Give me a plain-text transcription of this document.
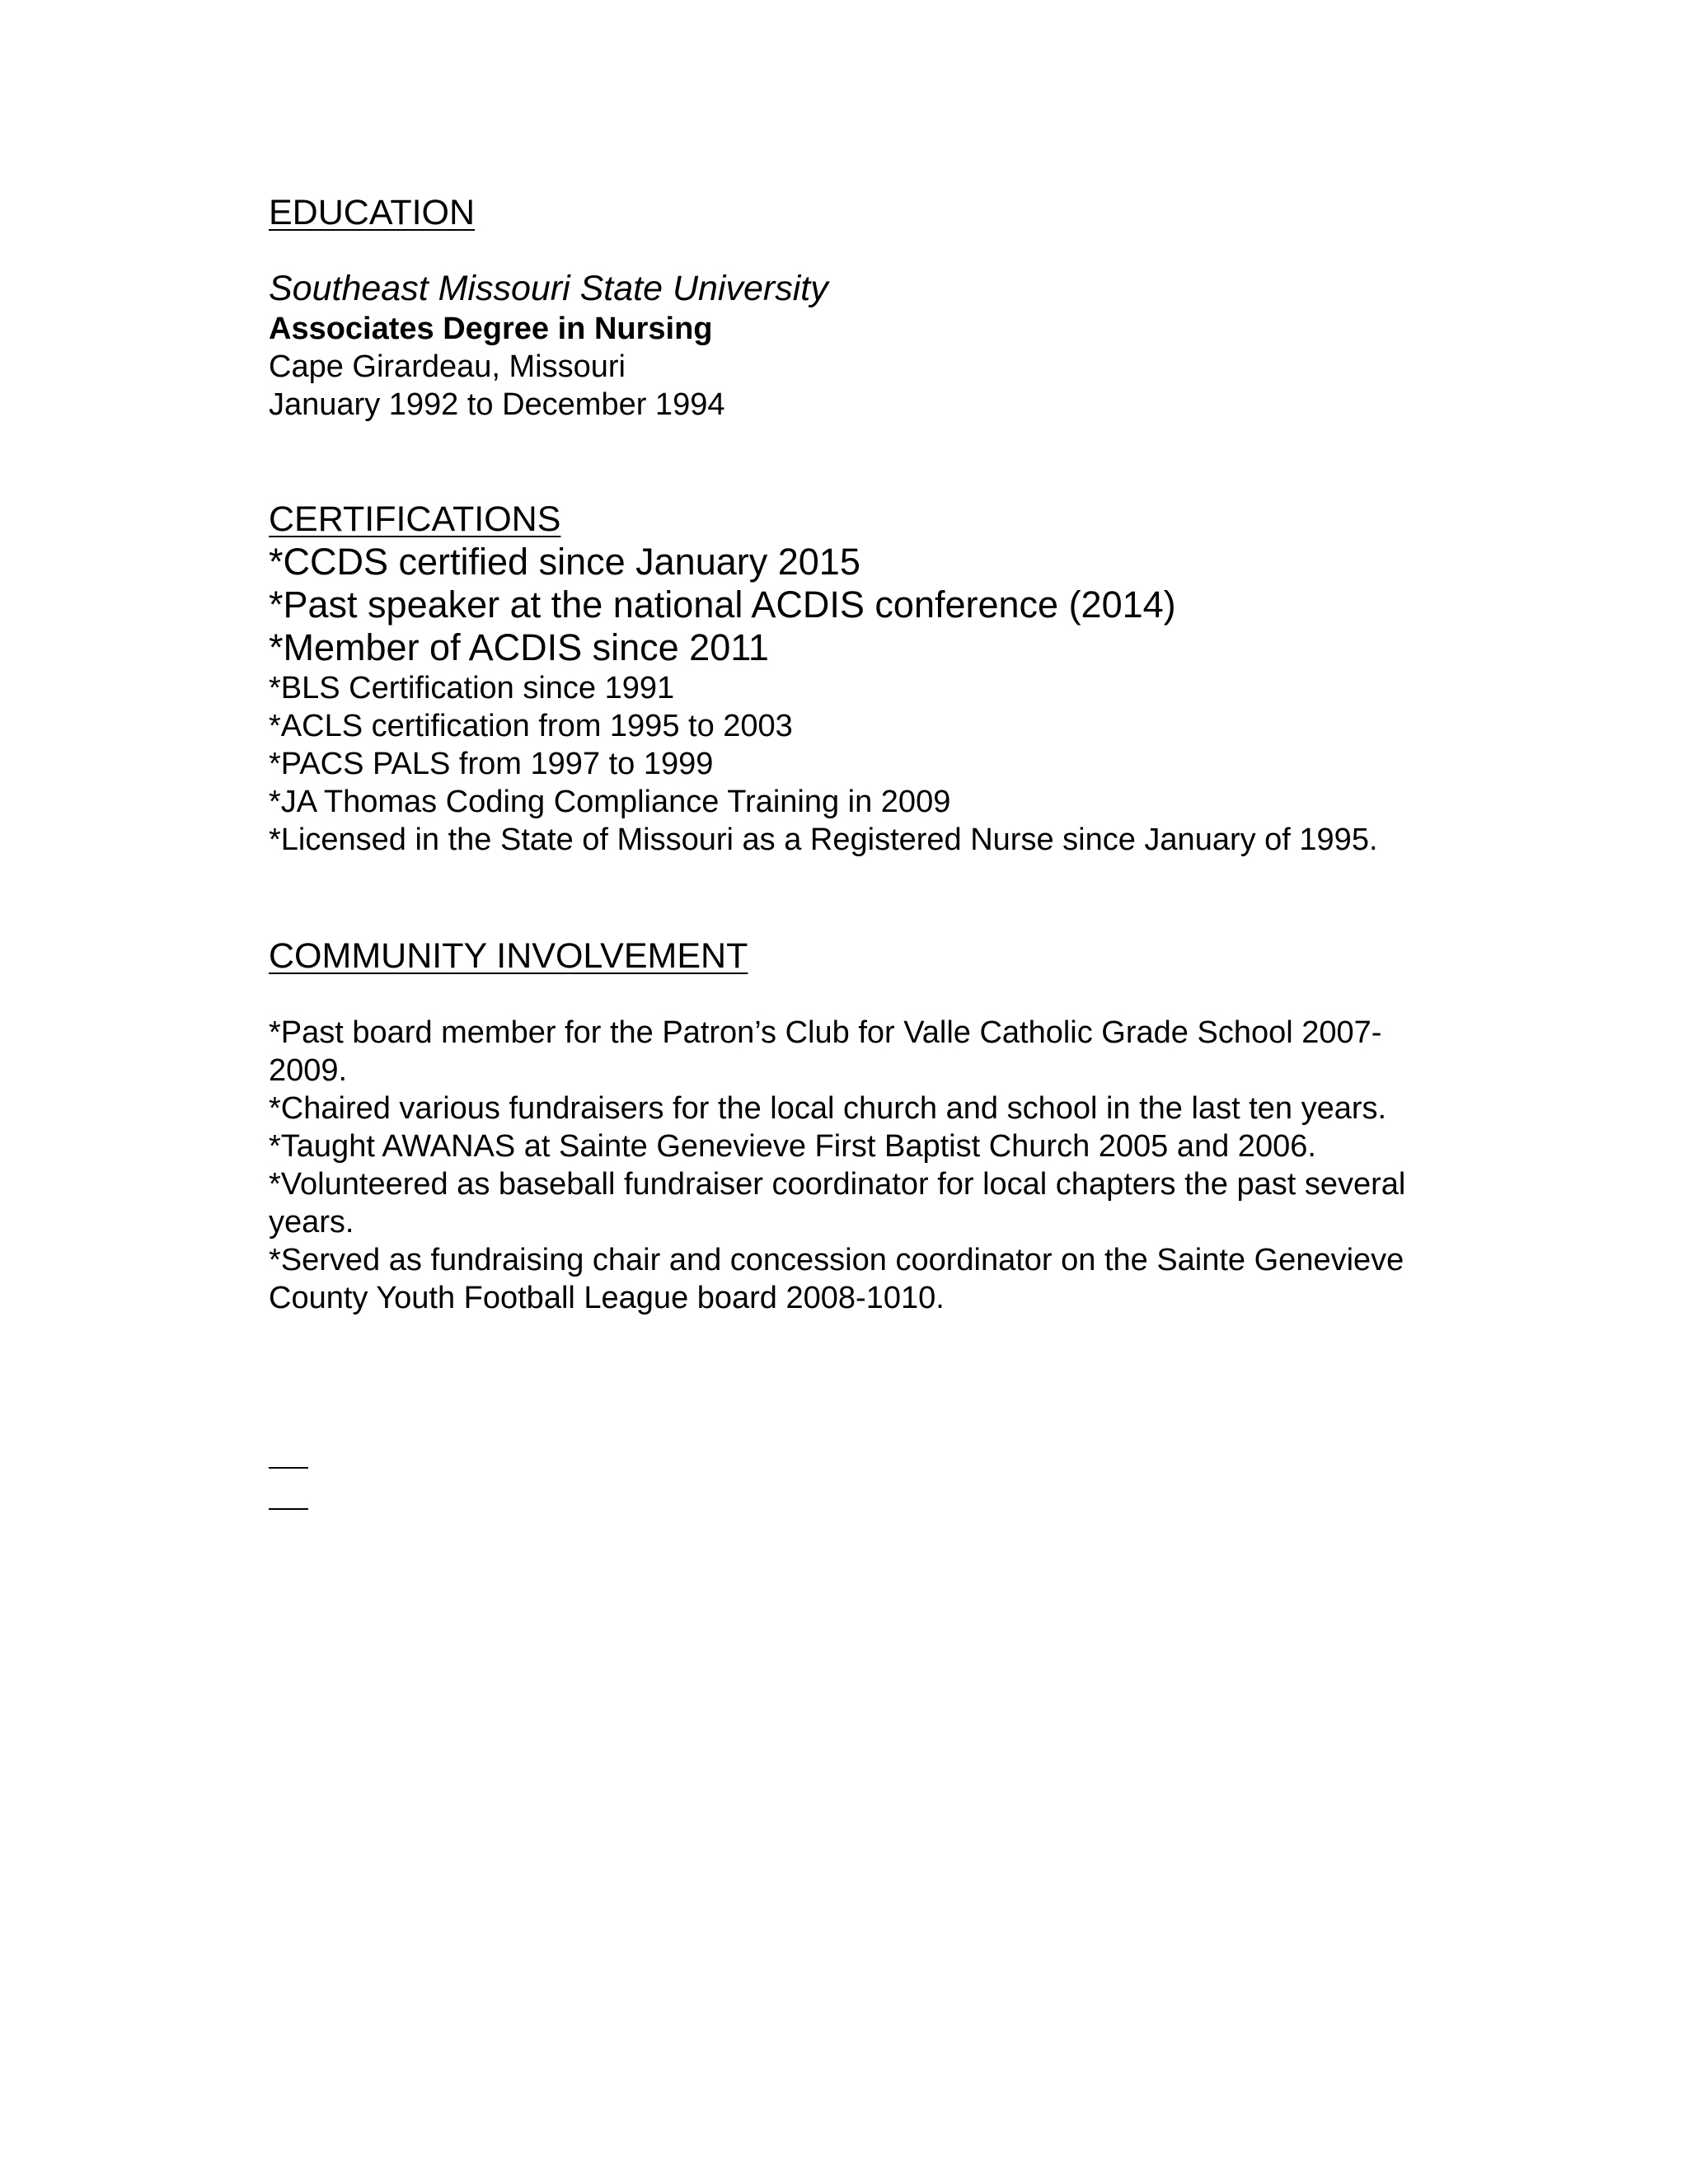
EDUCATION
Southeast Missouri State University
Associates Degree in Nursing
Cape Girardeau, Missouri
January 1992 to December 1994
CERTIFICATIONS
*CCDS certified since January 2015
*Past speaker at the national ACDIS conference (2014)
*Member of ACDIS since 2011
*BLS Certification since 1991
*ACLS certification from 1995 to 2003
*PACS PALS from 1997 to 1999
*JA Thomas Coding Compliance Training in 2009
*Licensed in the State of Missouri as a Registered Nurse since January of 1995.
COMMUNITY INVOLVEMENT
*Past board member for the Patron’s Club for Valle Catholic Grade School 2007-2009.
*Chaired various fundraisers for the local church and school in the last ten years.
*Taught AWANAS at Sainte Genevieve First Baptist Church 2005 and 2006.
*Volunteered as baseball fundraiser coordinator for local chapters the past several years.
*Served as fundraising chair and concession coordinator on the Sainte Genevieve County Youth Football League board 2008-1010.
